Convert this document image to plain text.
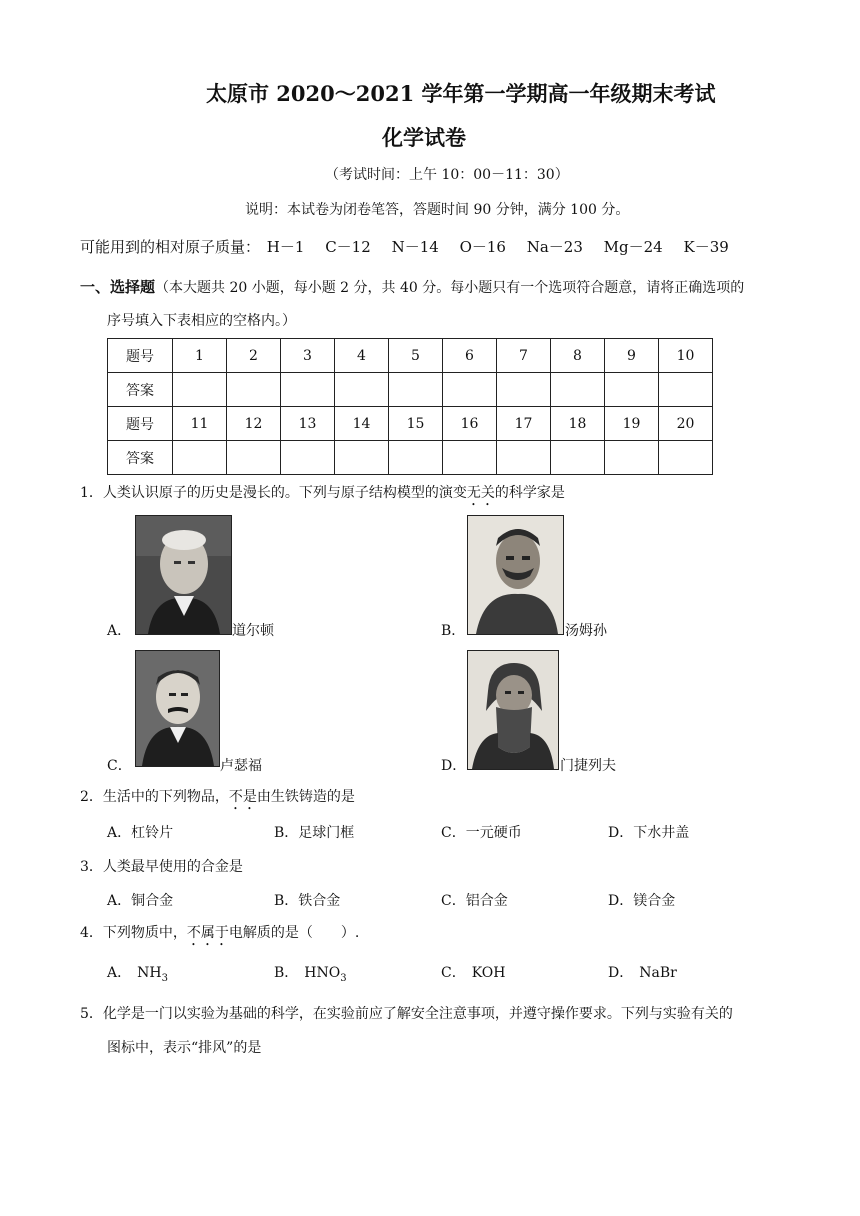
太原市 2020～2021 学年第一学期高一年级期末考试
化学试卷
（考试时间：上午 10：00－11：30）
说明：本试卷为闭卷笔答，答题时间 90 分钟，满分 100 分。
可能用到的相对原子质量： H－1 C－12 N－14 O－16 Na－23 Mg－24 K－39
一、选择题（本大题共 20 小题，每小题 2 分，共 40 分。每小题只有一个选项符合题意，请将正确选项的
序号填入下表相应的空格内。）
题号	1	2	3	4	5	6	7	8	9	10
答案										
题号	11	12	13	14	15	16	17	18	19	20
答案										
1．人类认识原子的历史是漫长的。下列与原子结构模型的演变无关的科学家是
A．	道尔顿	B．	汤姆孙
C．	卢瑟福	D．	门捷列夫
2．生活中的下列物品，不是由生铁铸造的是
A．杠铃片	B．足球门框	C．一元硬币	D．下水井盖
3．人类最早使用的合金是
A．铜合金	B．铁合金	C．铝合金	D．镁合金
4．下列物质中，不属于电解质的是（　　）.
A． $NH_3$	B． $HNO_3$	C． KOH	D． NaBr
5．化学是一门以实验为基础的科学，在实验前应了解安全注意事项，并遵守操作要求。下列与实验有关的
图标中，表示“排风”的是
